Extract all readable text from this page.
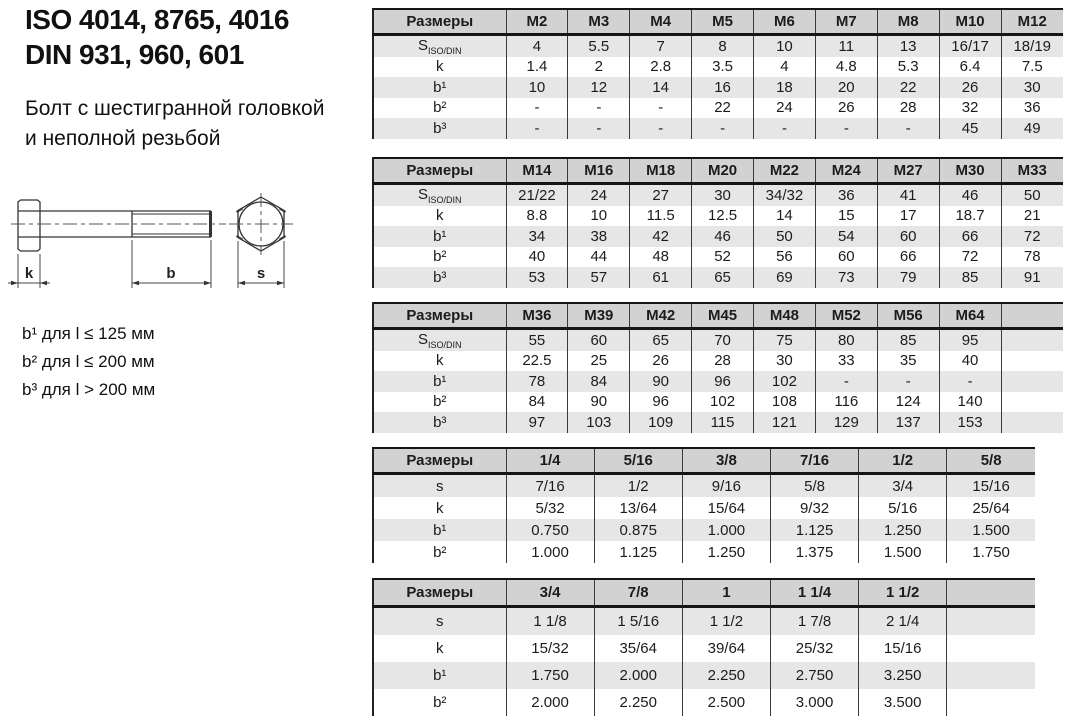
ISO 4014, 8765, 4016
DIN 931, 960, 601
Болт с шестигранной головкой
и неполной резьбой
k	b	s
b¹ для l ≤ 125 мм
b² для l ≤ 200 мм
b³ для l > 200 мм
Размеры	M2	M3	M4	M5	M6	M7	M8	M10	M12
$S_{ISO/DIN}$	4	5.5	7	8	10	11	13	16/17	18/19
k	1.4	2	2.8	3.5	4	4.8	5.3	6.4	7.5
b¹	10	12	14	16	18	20	22	26	30
b²	-	-	-	22	24	26	28	32	36
b³	-	-	-	-	-	-	-	45	49
Размеры	M14	M16	M18	M20	M22	M24	M27	M30	M33
$S_{ISO/DIN}$	21/22	24	27	30	34/32	36	41	46	50
k	8.8	10	11.5	12.5	14	15	17	18.7	21
b¹	34	38	42	46	50	54	60	66	72
b²	40	44	48	52	56	60	66	72	78
b³	53	57	61	65	69	73	79	85	91
Размеры	M36	M39	M42	M45	M48	M52	M56	M64	
$S_{ISO/DIN}$	55	60	65	70	75	80	85	95	
k	22.5	25	26	28	30	33	35	40	
b¹	78	84	90	96	102	-	-	-	
b²	84	90	96	102	108	116	124	140	
b³	97	103	109	115	121	129	137	153	
Размеры	1/4	5/16	3/8	7/16	1/2	5/8
s	7/16	1/2	9/16	5/8	3/4	15/16
k	5/32	13/64	15/64	9/32	5/16	25/64
b¹	0.750	0.875	1.000	1.125	1.250	1.500
b²	1.000	1.125	1.250	1.375	1.500	1.750
Размеры	3/4	7/8	1	1 1/4	1 1/2	
s	1 1/8	1 5/16	1 1/2	1 7/8	2 1/4	
k	15/32	35/64	39/64	25/32	15/16	
b¹	1.750	2.000	2.250	2.750	3.250	
b²	2.000	2.250	2.500	3.000	3.500	
